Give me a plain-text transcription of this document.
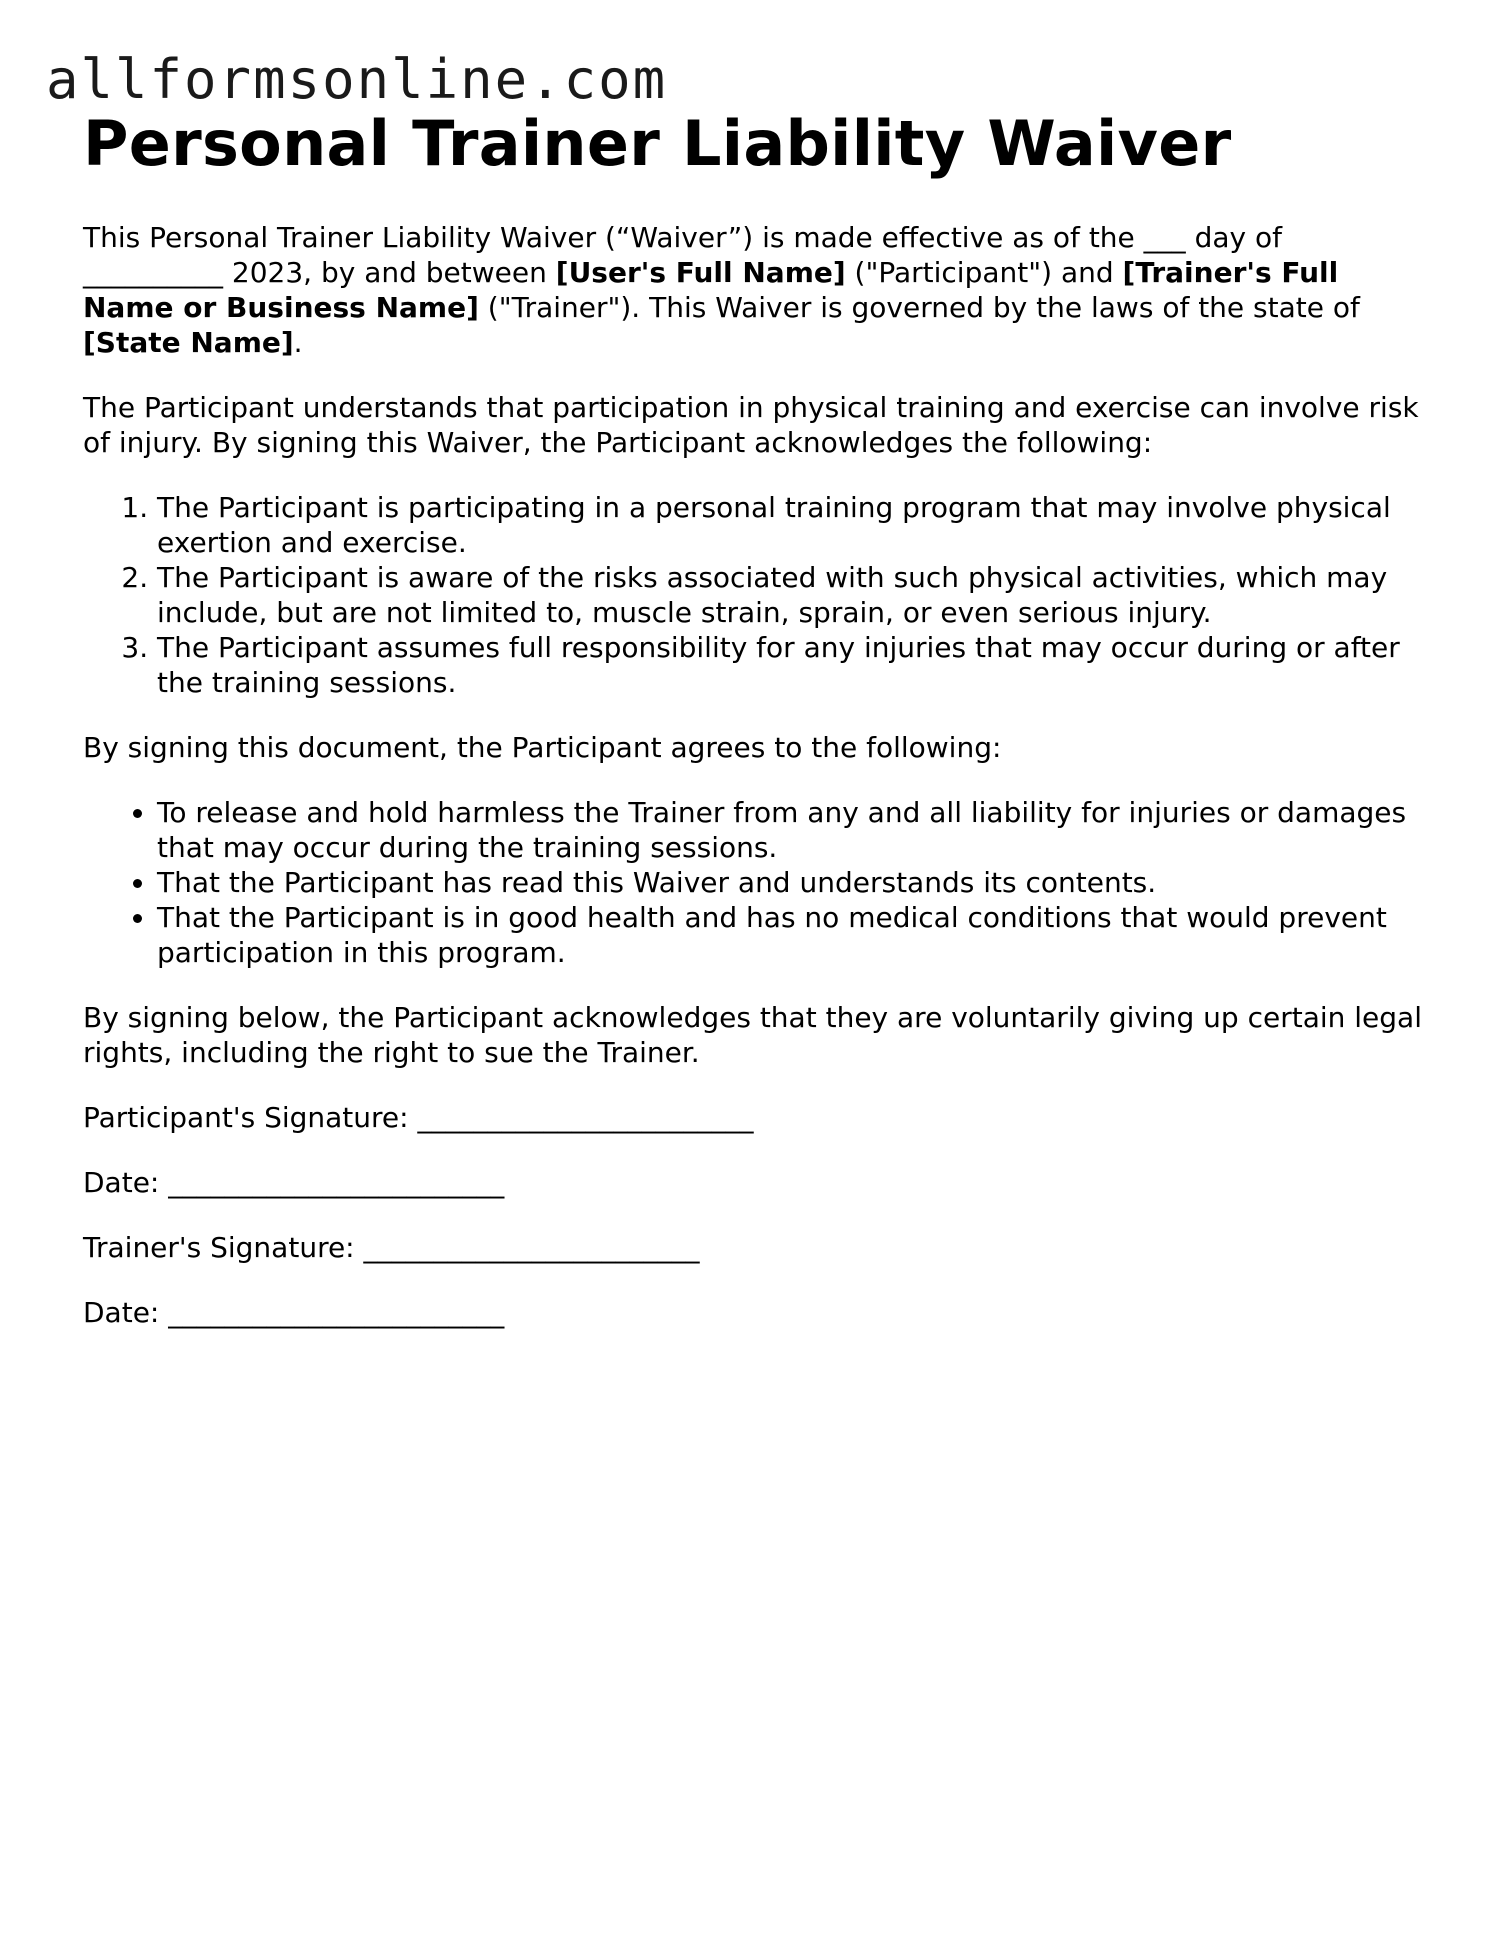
allformsonline.com
Personal Trainer Liability Waiver

This Personal Trainer Liability Waiver (“Waiver”) is made effective as of the ___ day of __________ 2023, by and between [User's Full Name] ("Participant") and [Trainer's Full Name or Business Name] ("Trainer"). This Waiver is governed by the laws of the state of [State Name].

The Participant understands that participation in physical training and exercise can involve risk of injury. By signing this Waiver, the Participant acknowledges the following:

1. The Participant is participating in a personal training program that may involve physical exertion and exercise.
2. The Participant is aware of the risks associated with such physical activities, which may include, but are not limited to, muscle strain, sprain, or even serious injury.
3. The Participant assumes full responsibility for any injuries that may occur during or after the training sessions.

By signing this document, the Participant agrees to the following:

• To release and hold harmless the Trainer from any and all liability for injuries or damages that may occur during the training sessions.
• That the Participant has read this Waiver and understands its contents.
• That the Participant is in good health and has no medical conditions that would prevent participation in this program.

By signing below, the Participant acknowledges that they are voluntarily giving up certain legal rights, including the right to sue the Trainer.

Participant's Signature: ________________________

Date: ________________________

Trainer's Signature: ________________________

Date: ________________________
